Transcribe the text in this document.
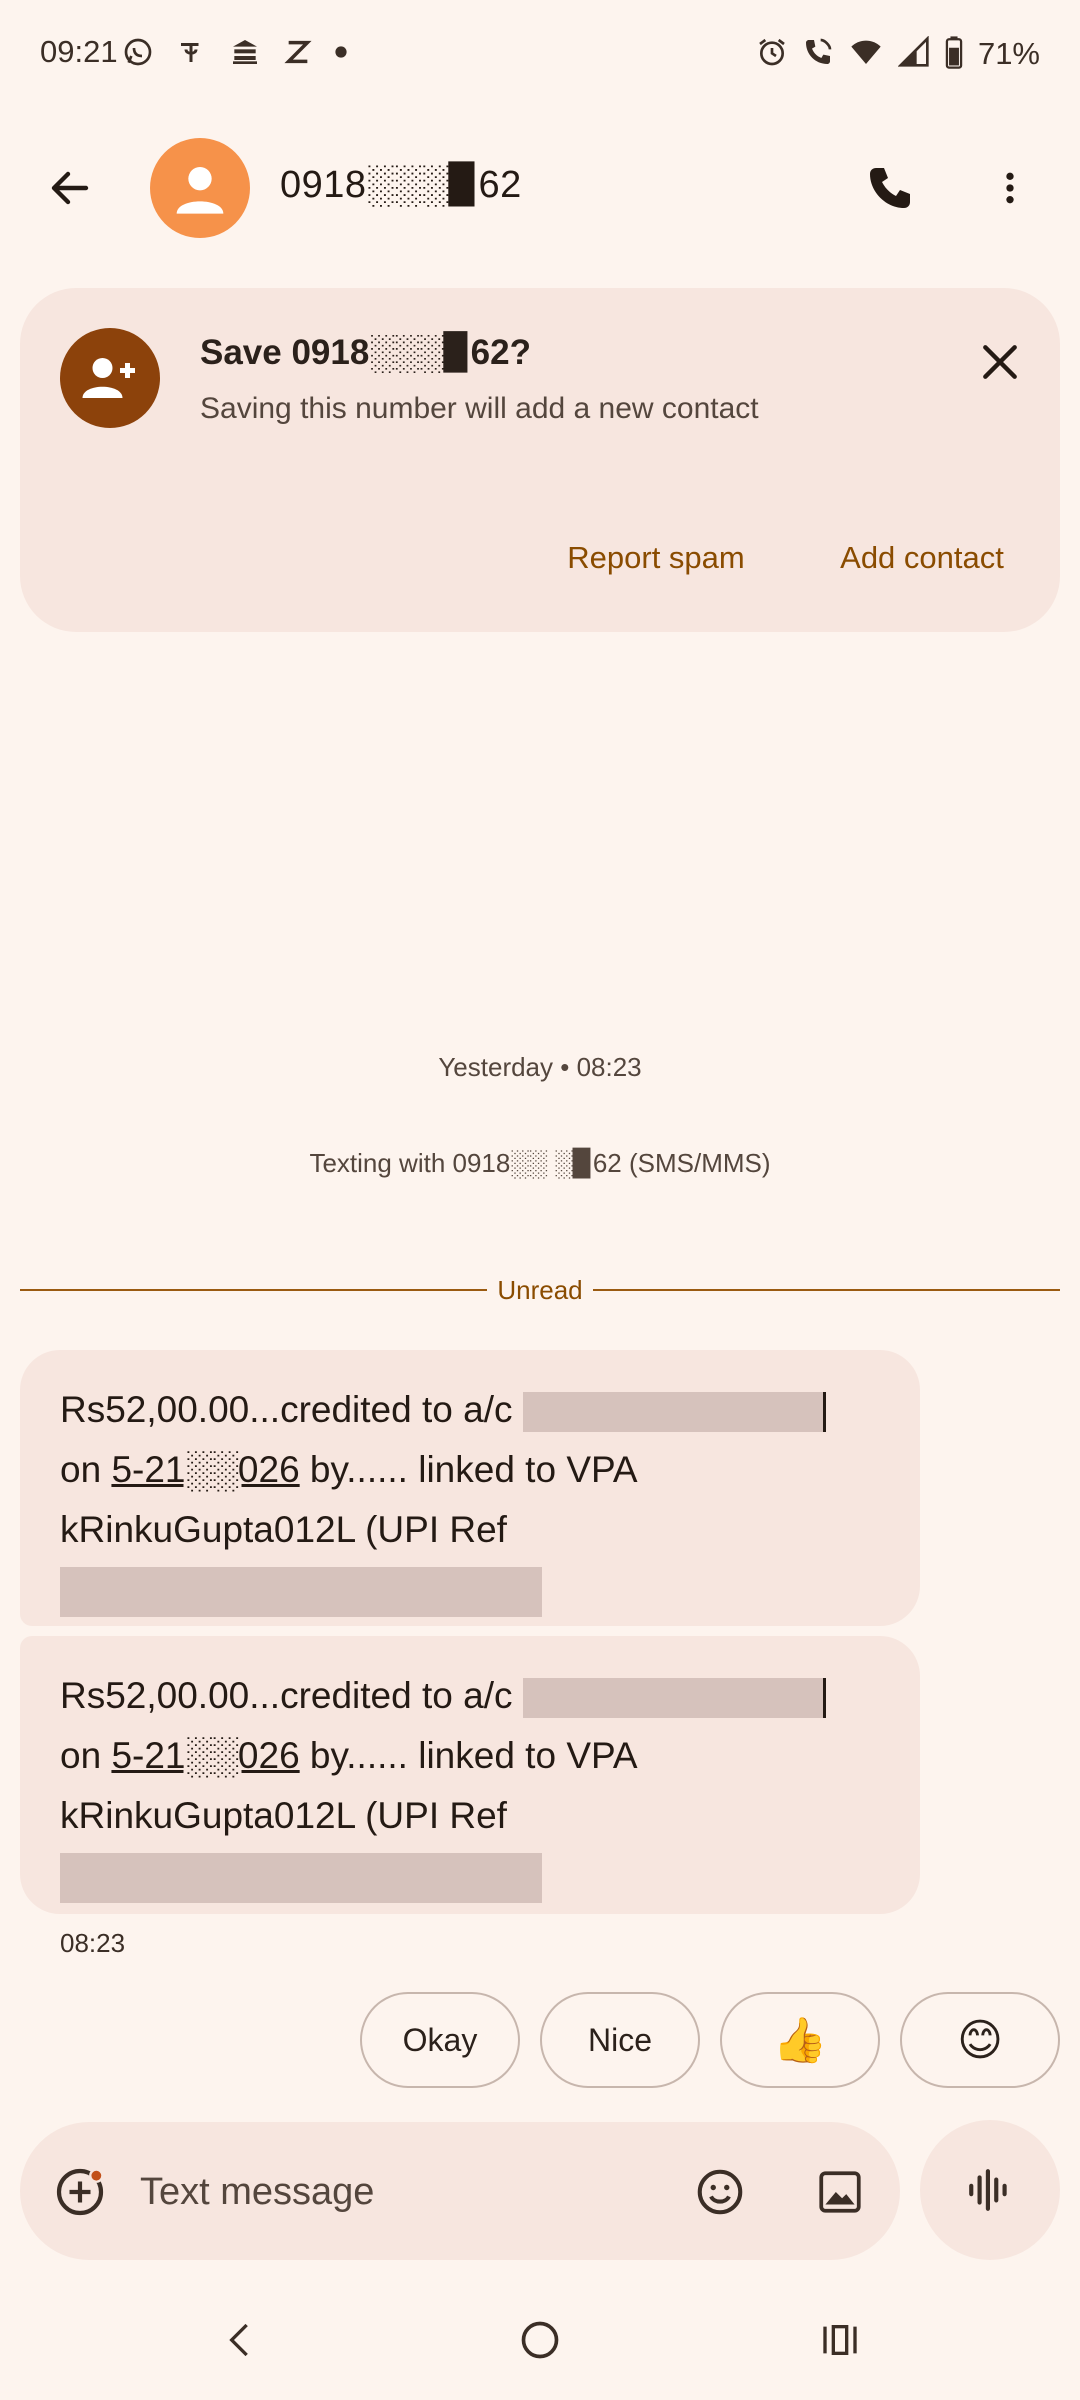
09:21	71%
0918░░░▉62
Save 0918░░░▉62?
Saving this number will add a new contact
Report spam	Add contact
Yesterday • 08:23
Texting with 0918░░ ░▉62 (SMS/MMS)
Unread
Rs52,00.00...credited to a/c
on 5-21░░026 by...... linked to VPA
kRinkuGupta012L (UPI Ref
Rs52,00.00...credited to a/c
on 5-21░░026 by...... linked to VPA
kRinkuGupta012L (UPI Ref
08:23
Okay	Nice	👍	😊
Text message
